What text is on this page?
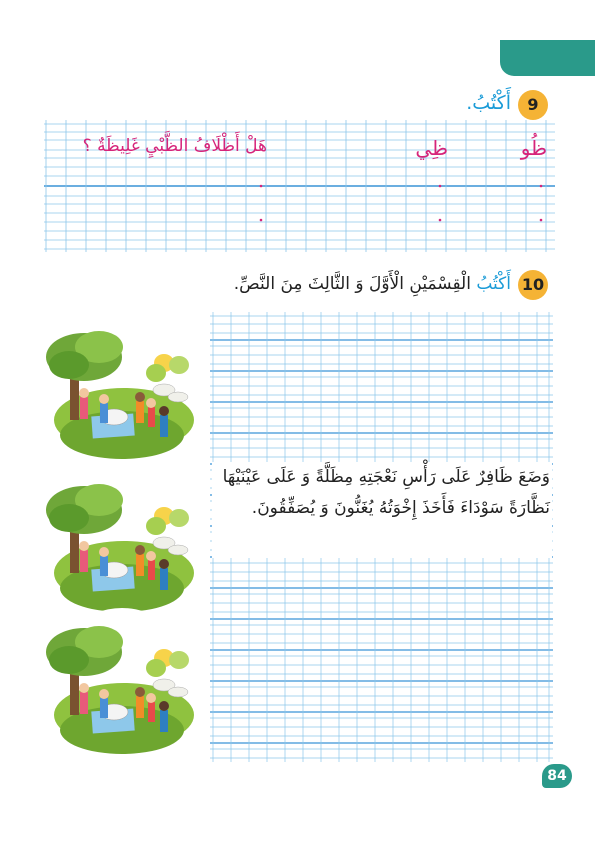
9
أَكْتُبُ.
ظُو
ظِي
هَلْ أَظْلَافُ الظَّبْيِ غَلِيظَةٌ ؟
10
أَكْتُبُ الْقِسْمَيْنِ الْأَوَّلَ وَ الثَّالِثَ مِنَ النَّصِّ.
وَضَعَ ظَافِرٌ عَلَى رَأْسِ نَعْجَتِهِ مِظَلَّةً وَ عَلَى عَيْنَيْهَا نَظَّارَةً سَوْدَاءَ فَأَخَذَ إِخْوَتُهُ يُغَنُّونَ وَ يُصَفِّقُونَ.
84
